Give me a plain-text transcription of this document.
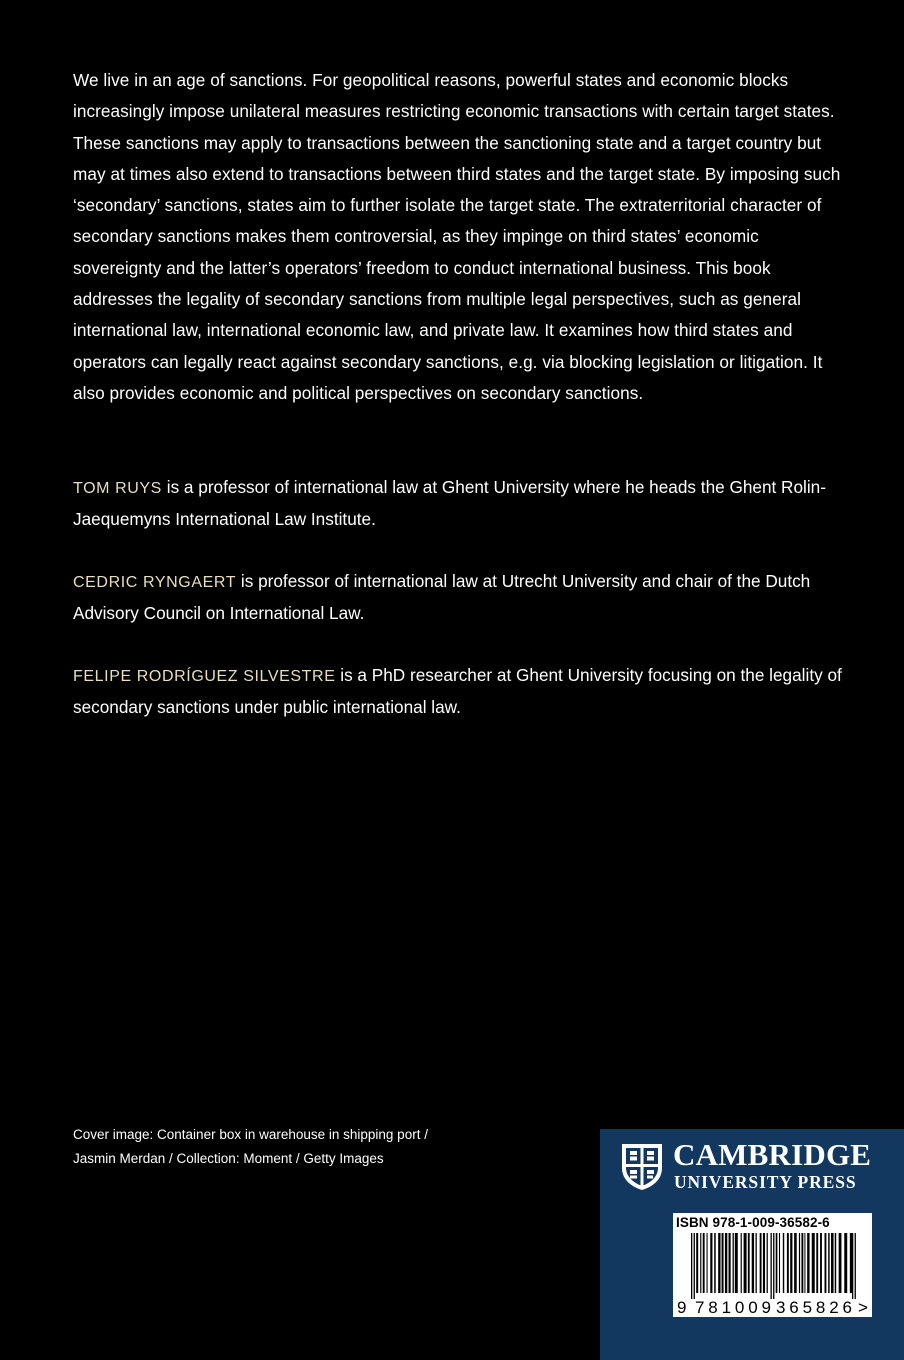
We live in an age of sanctions. For geopolitical reasons, powerful states and economic blocks increasingly impose unilateral measures restricting economic transactions with certain target states. These sanctions may apply to transactions between the sanctioning state and a target country but may at times also extend to transactions between third states and the target state. By imposing such ‘secondary’ sanctions, states aim to further isolate the target state. The extraterritorial character of secondary sanctions makes them controversial, as they impinge on third states’ economic sovereignty and the latter’s operators’ freedom to conduct international business. This book addresses the legality of secondary sanctions from multiple legal perspectives, such as general international law, international economic law, and private law. It examines how third states and operators can legally react against secondary sanctions, e.g. via blocking legislation or litigation. It also provides economic and political perspectives on secondary sanctions.

TOM RUYS is a professor of international law at Ghent University where he heads the Ghent Rolin-Jaequemyns International Law Institute.

CEDRIC RYNGAERT is professor of international law at Utrecht University and chair of the Dutch Advisory Council on International Law.

FELIPE RODRÍGUEZ SILVESTRE is a PhD researcher at Ghent University focusing on the legality of secondary sanctions under public international law.

Cover image: Container box in warehouse in shipping port /
Jasmin Merdan / Collection: Moment / Getty Images	CAMBRIDGE
UNIVERSITY PRESS
9 781009 365826 >
ISBN 978-1-009-36582-6
